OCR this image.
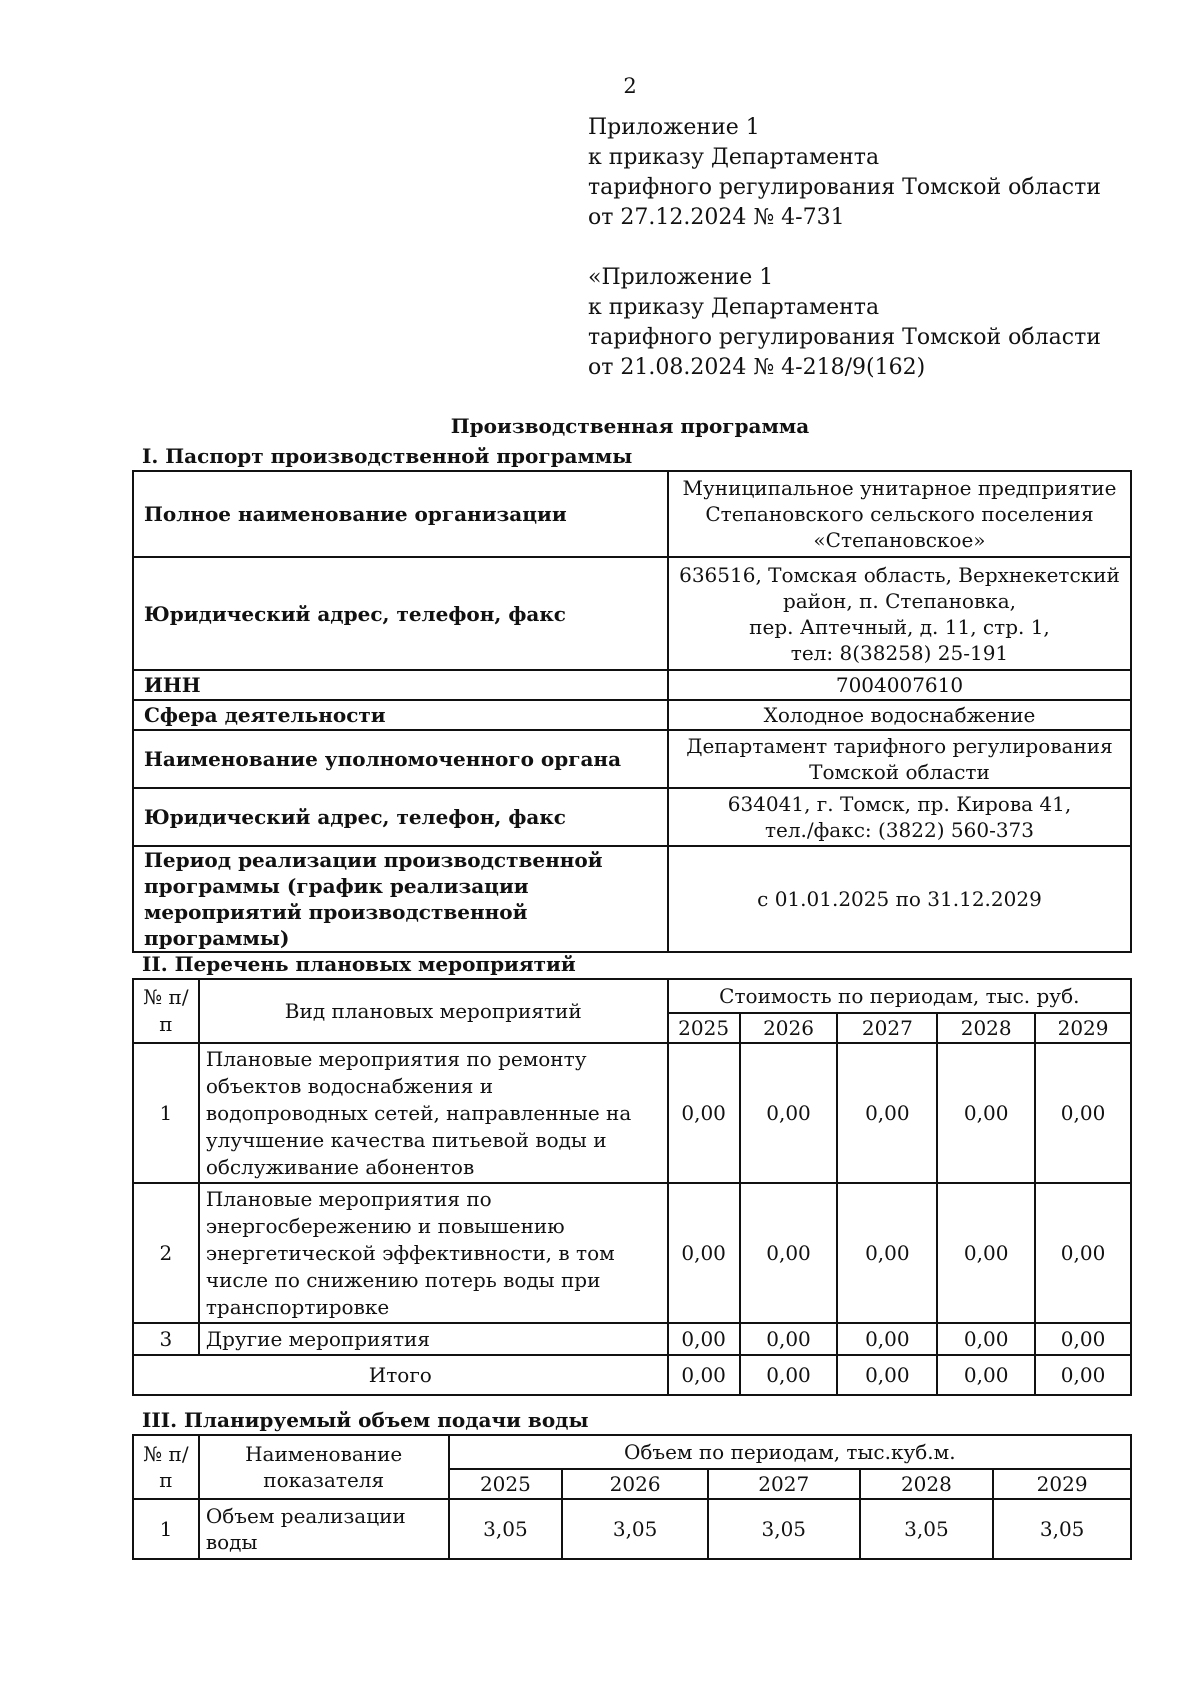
2
Приложение 1
к приказу Департамента
тарифного регулирования Томской области
от 27.12.2024 № 4-731
«Приложение 1
к приказу Департамента
тарифного регулирования Томской области
от 21.08.2024 № 4-218/9(162)
Производственная программа
I. Паспорт производственной программы
Полное наименование организации	Муниципальное унитарное предприятие
Степановского сельского поселения
«Степановское»

Юридический адрес, телефон, факс	636516, Томская область, Верхнекетский
район, п. Степановка,
пер. Аптечный, д. 11, стр. 1,
тел: 8(38258) 25-191

ИНН	7004007610
Сфера деятельности	Холодное водоснабжение
Наименование уполномоченного органа	Департамент тарифного регулирования
Томской области

Юридический адрес, телефон, факс	634041, г. Томск, пр. Кирова 41,
тел./факс: (3822) 560-373

Период реализации производственной программы (график реализации мероприятий производственной программы)	с 01.01.2025 по 31.12.2029
II. Перечень плановых мероприятий
№ п/п	Вид плановых мероприятий	Стоимость по периодам, тыс. руб.				
		2025	2026	2027	2028	2029
1	Плановые мероприятия по ремонту объектов водоснабжения и водопроводных сетей, направленные на улучшение качества питьевой воды и обслуживание абонентов	0,00	0,00	0,00	0,00	0,00
2	Плановые мероприятия по энергосбережению и повышению энергетической эффективности, в том числе по снижению потерь воды при транспортировке	0,00	0,00	0,00	0,00	0,00
3	Другие мероприятия	0,00	0,00	0,00	0,00	0,00
Итого		0,00	0,00	0,00	0,00	0,00
III. Планируемый объем подачи воды
№ п/п	Наименование показателя	Объем по периодам, тыс.куб.м.				
		2025	2026	2027	2028	2029
1	Объем реализации воды	3,05	3,05	3,05	3,05	3,05
